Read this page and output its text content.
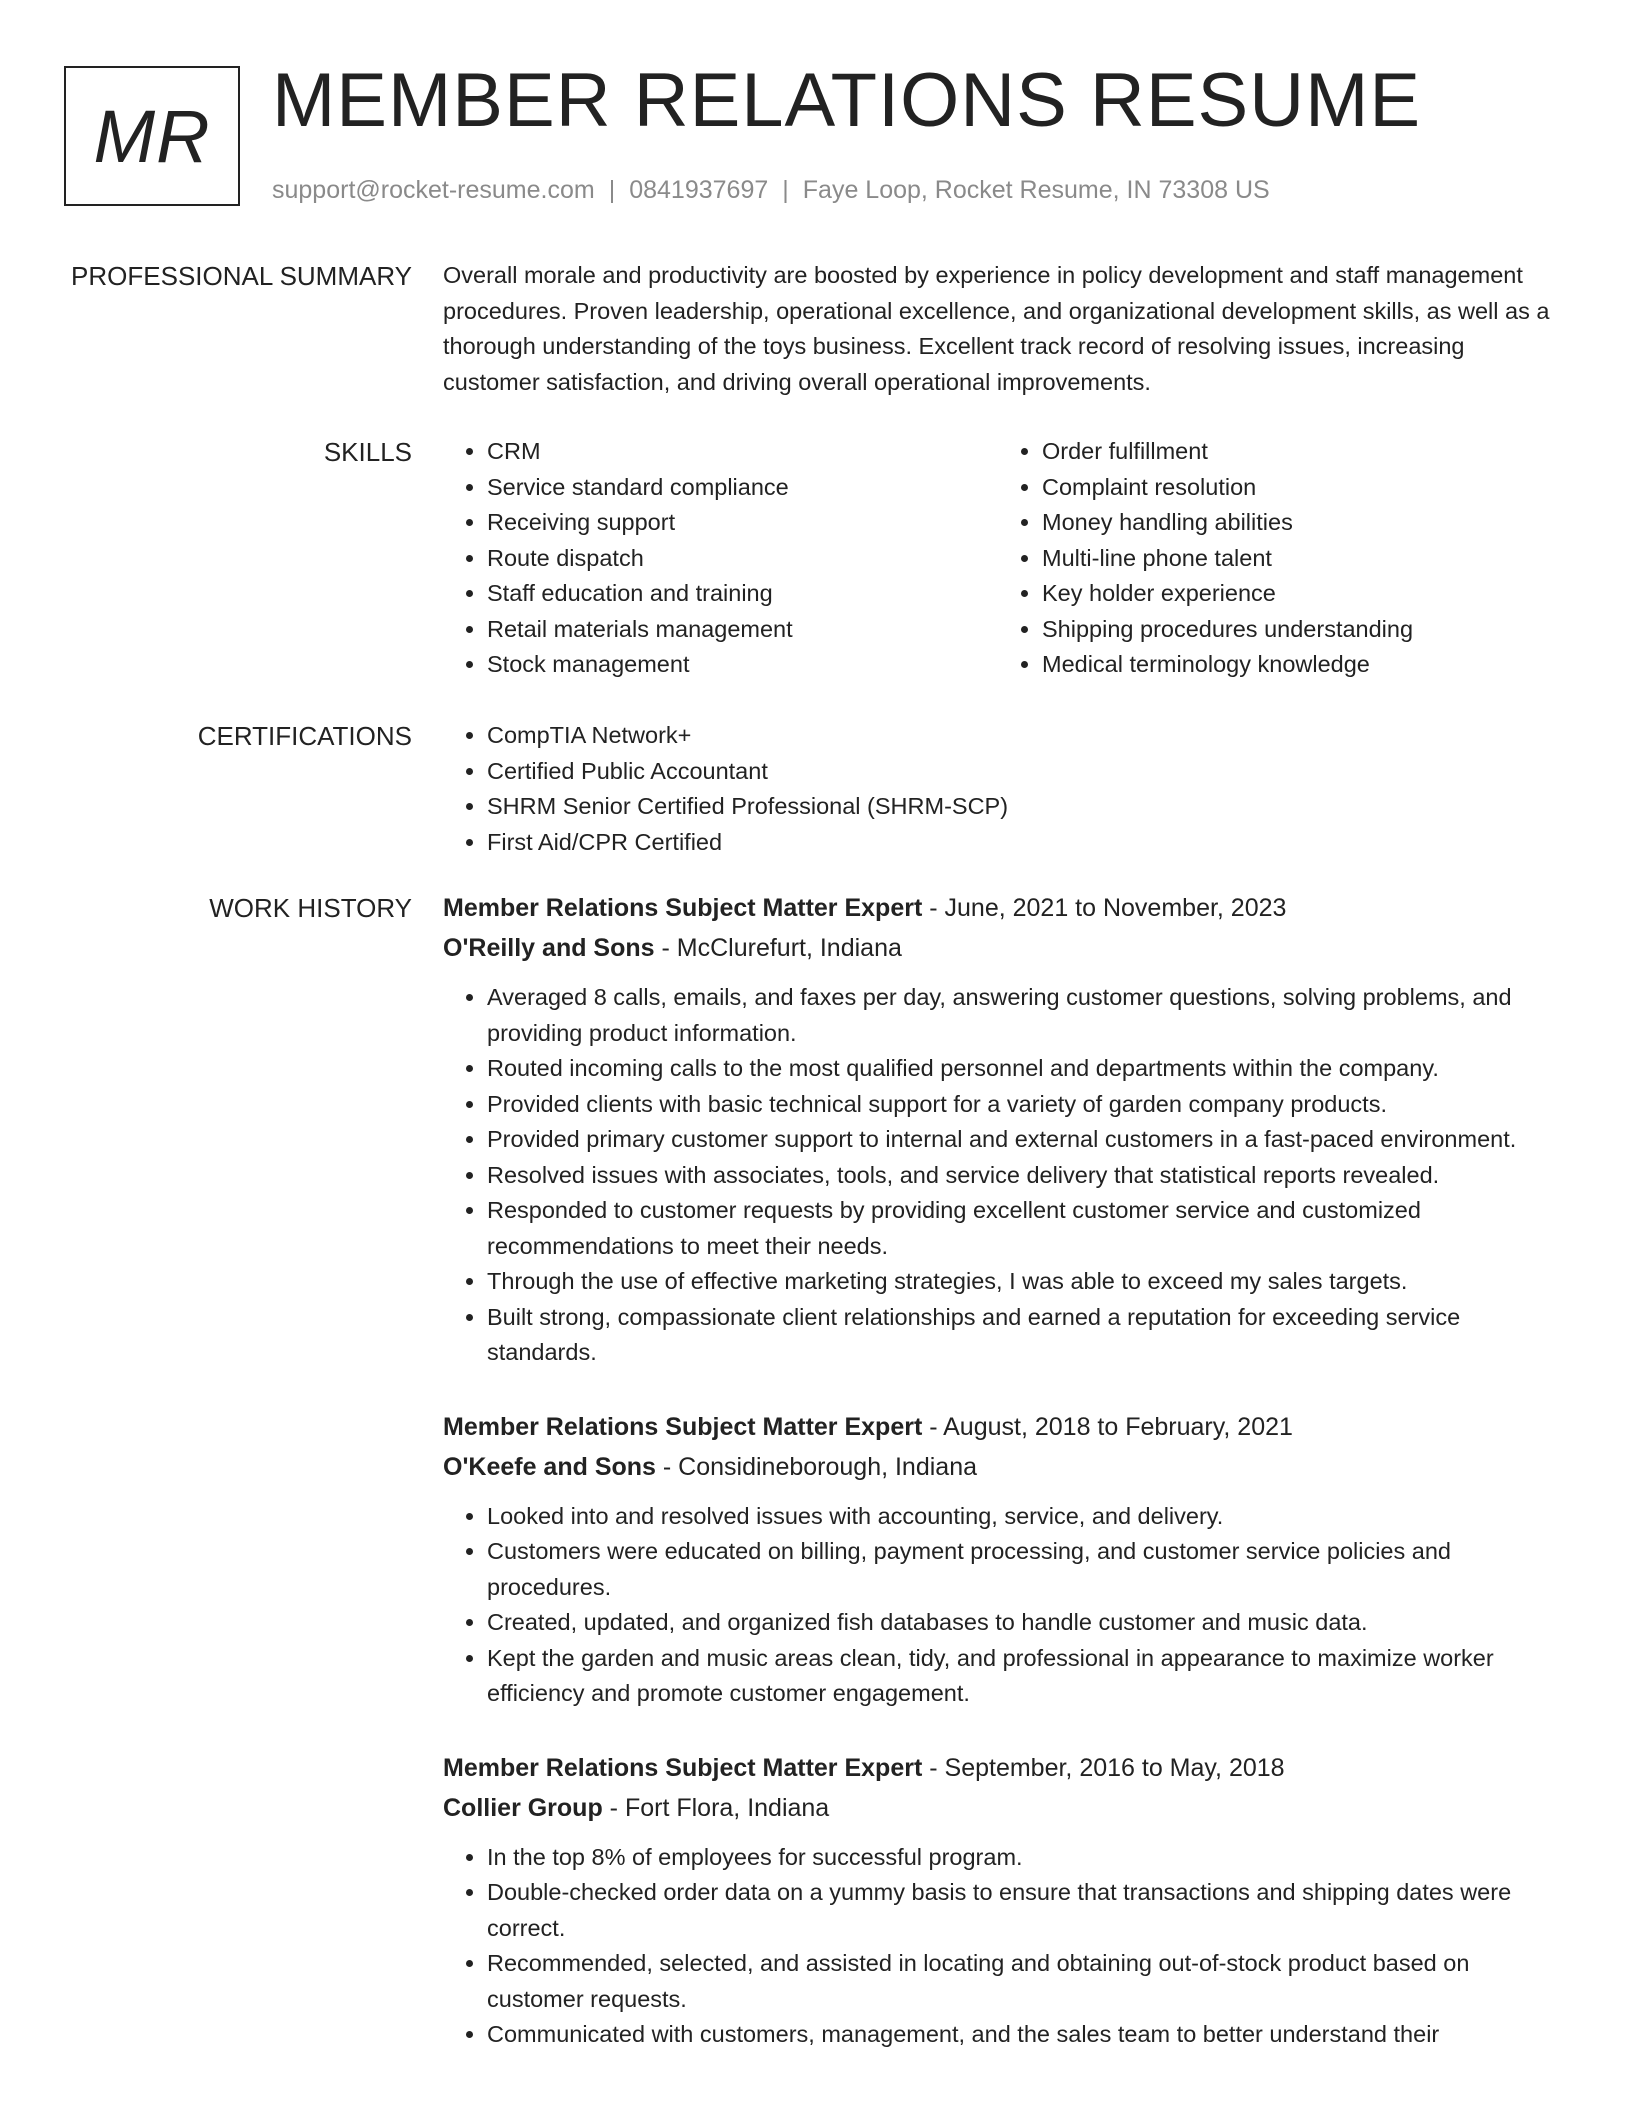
MR MEMBER RELATIONS RESUME
support@rocket-resume.com | 0841937697 | Faye Loop, Rocket Resume, IN 73308 US
PROFESSIONAL SUMMARY Overall morale and productivity are boosted by experience in policy development and staff management procedures. Proven leadership, operational excellence, and organizational development skills, as well as a thorough understanding of the toys business. Excellent track record of resolving issues, increasing customer satisfaction, and driving overall operational improvements.

SKILLS	• CRM
• Service standard compliance
• Receiving support
• Route dispatch
• Staff education and training
• Retail materials management
• Stock management
• Order fulfillment
• Complaint resolution
• Money handling abilities
• Multi-line phone talent
• Key holder experience
• Shipping procedures understanding
• Medical terminology knowledge
CERTIFICATIONS	• CompTIA Network+
• Certified Public Accountant
• SHRM Senior Certified Professional (SHRM-SCP)
• First Aid/CPR Certified
WORK HISTORY Member Relations Subject Matter Expert - June, 2021 to November, 2023
O'Reilly and Sons - McClurefurt, Indiana
• Averaged 8 calls, emails, and faxes per day, answering customer questions, solving problems, and providing product information.
• Routed incoming calls to the most qualified personnel and departments within the company.
• Provided clients with basic technical support for a variety of garden company products.
• Provided primary customer support to internal and external customers in a fast-paced environment.
• Resolved issues with associates, tools, and service delivery that statistical reports revealed.
• Responded to customer requests by providing excellent customer service and customized recommendations to meet their needs.
• Through the use of effective marketing strategies, I was able to exceed my sales targets.
• Built strong, compassionate client relationships and earned a reputation for exceeding service standards.
Member Relations Subject Matter Expert - August, 2018 to February, 2021
O'Keefe and Sons - Considineborough, Indiana
• Looked into and resolved issues with accounting, service, and delivery.
• Customers were educated on billing, payment processing, and customer service policies and procedures.
• Created, updated, and organized fish databases to handle customer and music data.
• Kept the garden and music areas clean, tidy, and professional in appearance to maximize worker efficiency and promote customer engagement.
Member Relations Subject Matter Expert - September, 2016 to May, 2018
Collier Group - Fort Flora, Indiana
• In the top 8% of employees for successful program.
• Double-checked order data on a yummy basis to ensure that transactions and shipping dates were correct.
• Recommended, selected, and assisted in locating and obtaining out-of-stock product based on customer requests.
• Communicated with customers, management, and the sales team to better understand their
